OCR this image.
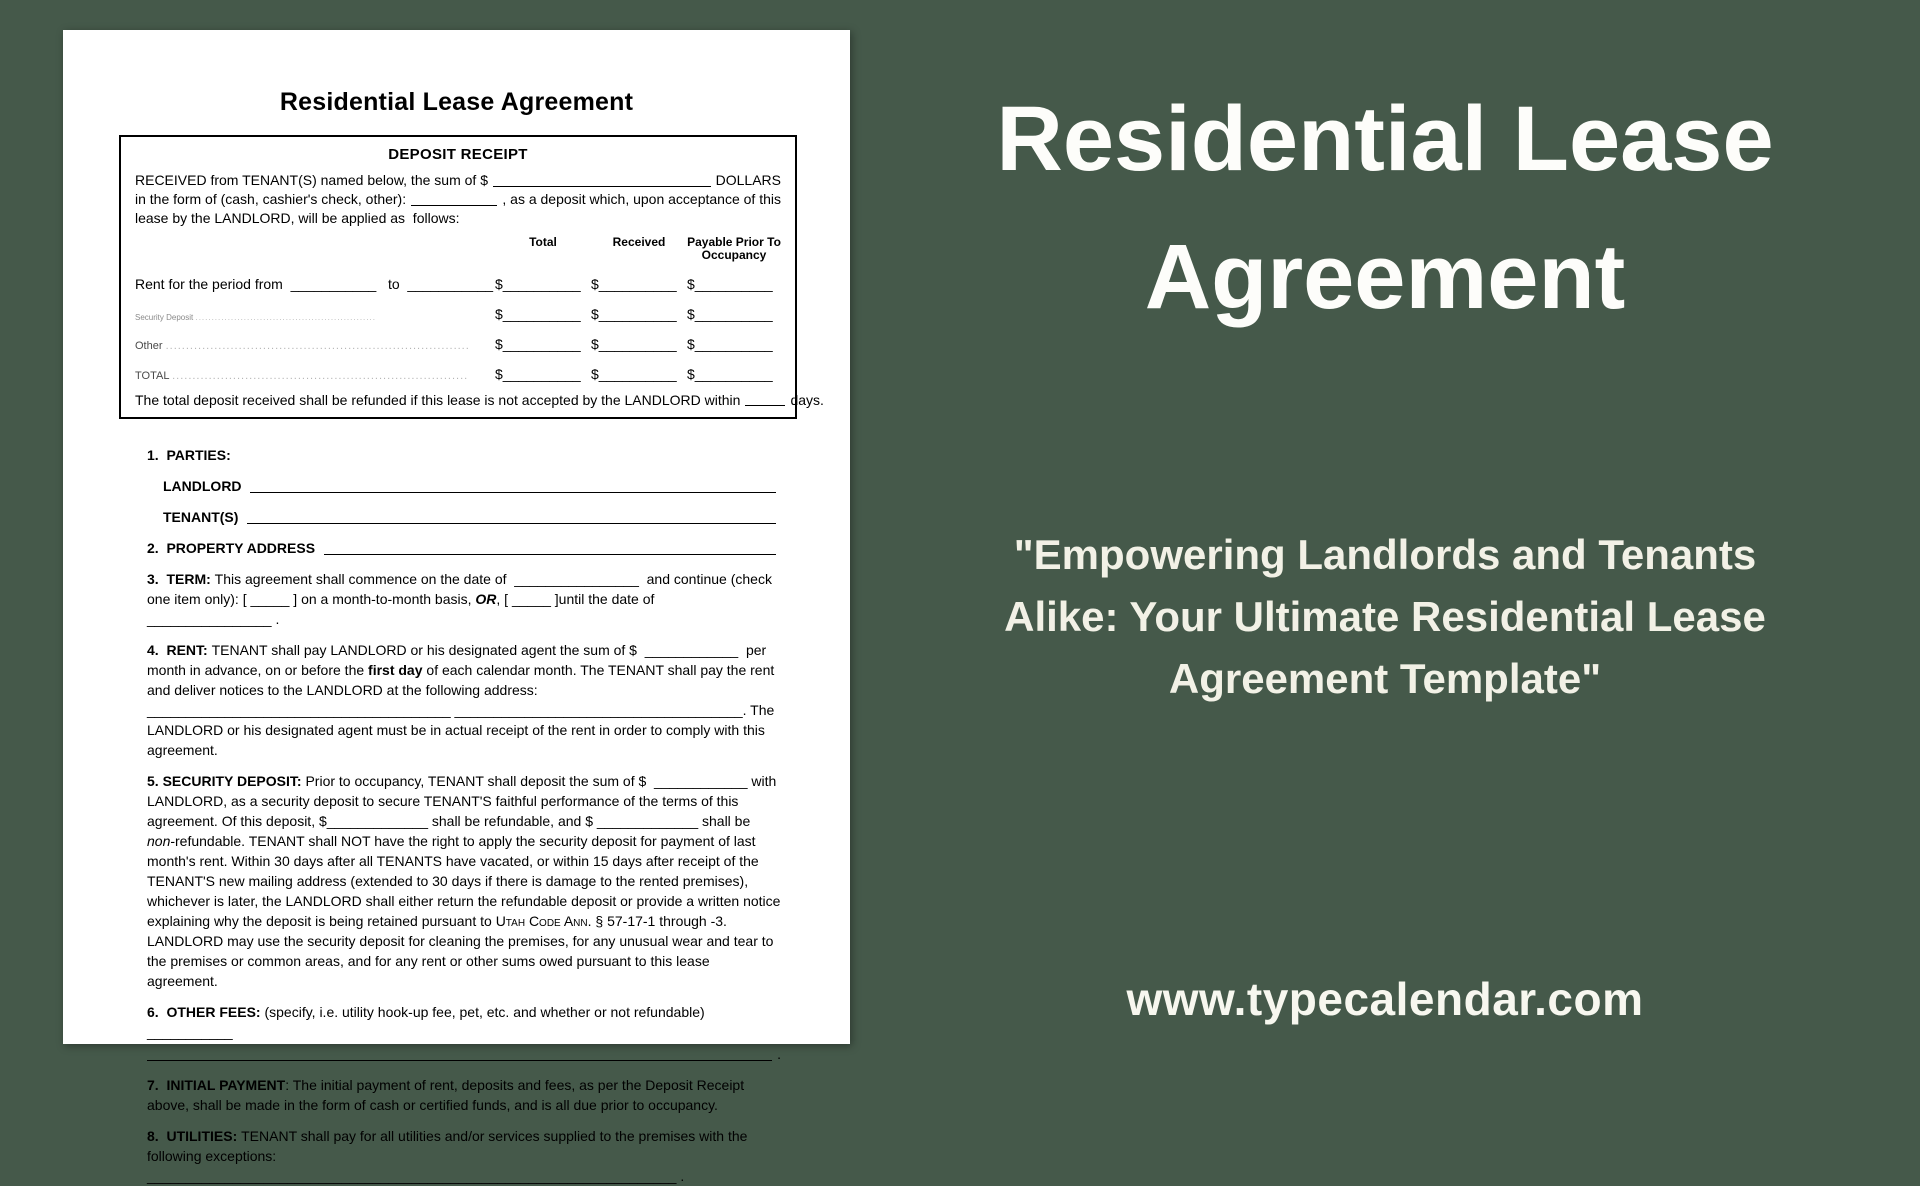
Residential Lease Agreement
DEPOSIT RECEIPT
RECEIVED from TENANT(S) named below, the sum of $	DOLLARS
in the form of (cash, cashier's check, other):	, as a deposit which, upon acceptance of this
lease by the LANDLORD, will be applied as  follows:
Total	Received	Payable Prior To Occupancy
Rent for the period from  ___________   to  ___________ $__________ $__________ $__________
Security Deposit ........................................................	$__________ $__________ $__________
Other ...........................................................................	$__________ $__________ $__________
TOTAL .........................................................................	$__________ $__________ $__________
The total deposit received shall be refunded if this lease is not accepted by the LANDLORD within	days.
1.  PARTIES:
LANDLORD
TENANT(S)
2.  PROPERTY ADDRESS

3.  TERM: This agreement shall commence on the date of  ________________  and continue (check one item only): [ _____ ] on a month-to-month basis, OR, [ _____ ]until the date of  ________________ .

4.  RENT: TENANT shall pay LANDLORD or his designated agent the sum of $  ____________  per month in advance, on or before the first day of each calendar month. The TENANT shall pay the rent and deliver notices to the LANDLORD at the following address: _______________________________________ _____________________________________. The LANDLORD or his designated agent must be in actual receipt of the rent in order to comply with this agreement.

5. SECURITY DEPOSIT: Prior to occupancy, TENANT shall deposit the sum of $  ____________ with LANDLORD, as a security deposit to secure TENANT'S faithful performance of the terms of this agreement. Of this deposit, $_____________ shall be refundable, and $ _____________ shall be non-refundable. TENANT shall NOT have the right to apply the security deposit for payment of last month's rent. Within 30 days after all TENANTS have vacated, or within 15 days after receipt of the TENANT'S new mailing address (extended to 30 days if there is damage to the rented premises), whichever is later, the LANDLORD shall either return the refundable deposit or provide a written notice explaining why the deposit is being retained pursuant to Utah Code Ann. § 57-17-1 through -3. LANDLORD may use the security deposit for cleaning the premises, for any unusual wear and tear to the premises or common areas, and for any rent or other sums owed pursuant to this lease agreement.

6.  OTHER FEES: (specify, i.e. utility hook-up fee, pet, etc. and whether or not refundable)  ___________

.

7.  INITIAL PAYMENT: The initial payment of rent, deposits and fees, as per the Deposit Receipt above, shall be made in the form of cash or certified funds, and is all due prior to occupancy.

8.  UTILITIES: TENANT shall pay for all utilities and/or services supplied to the premises with the following exceptions: ____________________________________________________________________ .

Residential Lease Agreement
"Empowering Landlords and Tenants Alike: Your Ultimate Residential Lease Agreement Template"
www.typecalendar.com
